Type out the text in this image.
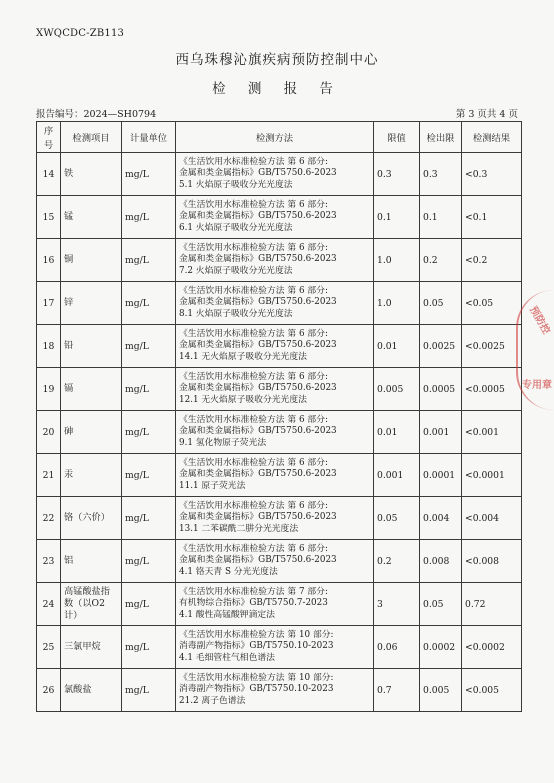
XWQCDC-ZB113
西乌珠穆沁旗疾病预防控制中心
检 测 报 告
报告编号：2024—SH0794	第 3 页共 4 页
序号	检测项目	计量单位	检测方法	限值	检出限	检测结果
14	铁	mg/L	《生活饮用水标准检验方法 第 6 部分:
金属和类金属指标》GB/T5750.6-2023
5.1 火焰原子吸收分光光度法	0.3	0.3	<0.3
15	锰	mg/L	《生活饮用水标准检验方法 第 6 部分:
金属和类金属指标》GB/T5750.6-2023
6.1 火焰原子吸收分光光度法	0.1	0.1	<0.1
16	铜	mg/L	《生活饮用水标准检验方法 第 6 部分:
金属和类金属指标》GB/T5750.6-2023
7.2 火焰原子吸收分光光度法	1.0	0.2	<0.2
17	锌	mg/L	《生活饮用水标准检验方法 第 6 部分:
金属和类金属指标》GB/T5750.6-2023
8.1 火焰原子吸收分光光度法	1.0	0.05	<0.05
18	铅	mg/L	《生活饮用水标准检验方法 第 6 部分:
金属和类金属指标》GB/T5750.6-2023
14.1 无火焰原子吸收分光光度法	0.01	0.0025	<0.0025
19	镉	mg/L	《生活饮用水标准检验方法 第 6 部分:
金属和类金属指标》GB/T5750.6-2023
12.1 无火焰原子吸收分光光度法	0.005	0.0005	<0.0005
20	砷	mg/L	《生活饮用水标准检验方法 第 6 部分:
金属和类金属指标》GB/T5750.6-2023
9.1 氢化物原子荧光法	0.01	0.001	<0.001
21	汞	mg/L	《生活饮用水标准检验方法 第 6 部分:
金属和类金属指标》GB/T5750.6-2023
11.1 原子荧光法	0.001	0.0001	<0.0001
22	铬（六价）	mg/L	《生活饮用水标准检验方法 第 6 部分:
金属和类金属指标》GB/T5750.6-2023
13.1 二苯碳酰二肼分光光度法	0.05	0.004	<0.004
23	铝	mg/L	《生活饮用水标准检验方法 第 6 部分:
金属和类金属指标》GB/T5750.6-2023
4.1 铬天青 S 分光光度法	0.2	0.008	<0.008
24	高锰酸盐指数（以O2计）	mg/L	《生活饮用水标准检验方法 第 7 部分:
有机物综合指标》GB/T5750.7-2023
4.1 酸性高锰酸钾滴定法	3	0.05	0.72
25	三氯甲烷	mg/L	《生活饮用水标准检验方法 第 10 部分:
消毒副产物指标》GB/T5750.10-2023
4.1 毛细管柱气相色谱法	0.06	0.0002	<0.0002
26	氯酸盐	mg/L	《生活饮用水标准检验方法 第 10 部分:
消毒副产物指标》GB/T5750.10-2023
21.2 离子色谱法	0.7	0.005	<0.005
预防控
专用章
